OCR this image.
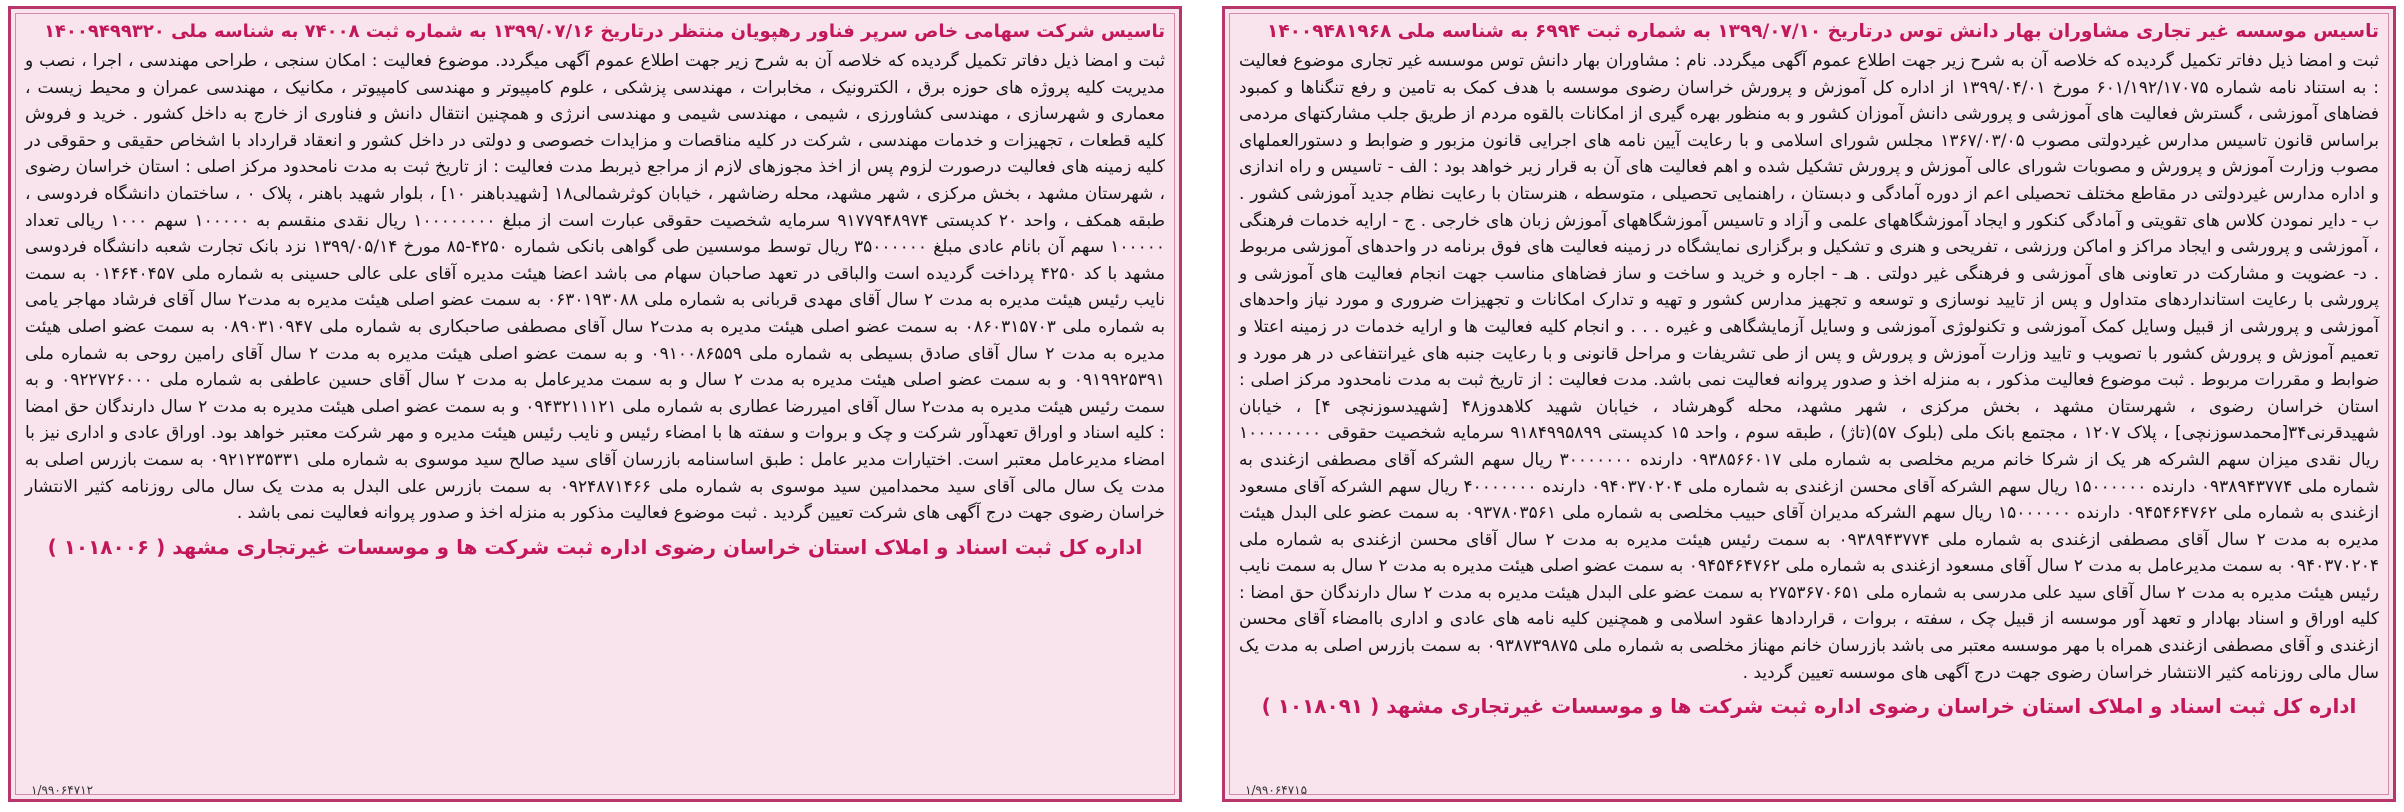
تاسیس موسسه غیر تجاری مشاوران بهار دانش توس درتاریخ ۱۳۹۹/۰۷/۱۰ به شماره ثبت ۶۹۹۴ به شناسه ملی ۱۴۰۰۹۴۸۱۹۶۸

ثبت و امضا ذیل دفاتر تکمیل گردیده که خلاصه آن به شرح زیر جهت اطلاع عموم آگهی میگردد. نام : مشاوران بهار دانش توس موسسه غیر تجاری موضوع فعالیت : به استناد نامه شماره ۶۰۱/۱۹۲/۱۷۰۷۵ مورخ ۱۳۹۹/۰۴/۰۱ از اداره کل آموزش و پرورش خراسان رضوی موسسه با هدف کمک به تامین و رفع تنگناها و کمبود فضاهای آموزشی ، گسترش فعالیت های آموزشی و پرورشی دانش آموزان کشور و به منظور بهره گیری از امکانات بالقوه مردم از طریق جلب مشارکتهای مردمی براساس قانون تاسیس مدارس غیردولتی مصوب ۱۳۶۷/۰۳/۰۵ مجلس شورای اسلامی و با رعایت آیین نامه های اجرایی قانون مزبور و ضوابط و دستورالعملهای مصوب وزارت آموزش و پرورش و مصوبات شورای عالی آموزش و پرورش تشکیل شده و اهم فعالیت های آن به قرار زیر خواهد بود : الف - تاسیس و راه اندازی و اداره مدارس غیردولتی در مقاطع مختلف تحصیلی اعم از دوره آمادگی و دبستان ، راهنمایی تحصیلی ، متوسطه ، هنرستان با رعایت نظام جدید آموزشی کشور . ب - دایر نمودن کلاس های تقویتی و آمادگی کنکور و ایجاد آموزشگاههای علمی و آزاد و تاسیس آموزشگاههای آموزش زبان های خارجی . ج - ارایه خدمات فرهنگی ، آموزشی و پرورشی و ایجاد مراکز و اماکن ورزشی ، تفریحی و هنری و تشکیل و برگزاری نمایشگاه در زمینه فعالیت های فوق برنامه در واحدهای آموزشی مربوط . د- عضویت و مشارکت در تعاونی های آموزشی و فرهنگی غیر دولتی . هـ - اجاره و خرید و ساخت و ساز فضاهای مناسب جهت انجام فعالیت های آموزشی و پرورشی با رعایت استانداردهای متداول و پس از تایید نوسازی و توسعه و تجهیز مدارس کشور و تهیه و تدارک امکانات و تجهیزات ضروری و مورد نیاز واحدهای آموزشی و پرورشی از قبیل وسایل کمک آموزشی و تکنولوژی آموزشی و وسایل آزمایشگاهی و غیره . . . و انجام کلیه فعالیت ها و ارایه خدمات در زمینه اعتلا و تعمیم آموزش و پرورش کشور با تصویب و تایید وزارت آموزش و پرورش و پس از طی تشریفات و مراحل قانونی و با رعایت جنبه های غیرانتفاعی در هر مورد و ضوابط و مقررات مربوط . ثبت موضوع فعالیت مذکور ، به منزله اخذ و صدور پروانه فعالیت نمی باشد. مدت فعالیت : از تاریخ ثبت به مدت نامحدود مرکز اصلی : استان خراسان رضوی ، شهرستان مشهد ، بخش مرکزی ، شهر مشهد، محله گوهرشاد ، خیابان شهید کلاهدوز۴۸ [شهیدسوزنچی ۴] ، خیابان شهیدقرنی۳۴[محمدسوزنچی] ، پلاک ۱۲۰۷ ، مجتمع بانک ملی (بلوک ۵۷)(تاژ) ، طبقه سوم ، واحد ۱۵ کدپستی ۹۱۸۴۹۹۵۸۹۹ سرمایه شخصیت حقوقی ۱۰۰۰۰۰۰۰۰ ریال نقدی میزان سهم الشرکه هر یک از شرکا خانم مریم مخلصی به شماره ملی ۰۹۳۸۵۶۶۰۱۷ دارنده ۳۰۰۰۰۰۰۰ ریال سهم الشرکه آقای مصطفی ازغندی به شماره ملی ۰۹۳۸۹۴۳۷۷۴ دارنده ۱۵۰۰۰۰۰۰ ریال سهم الشرکه آقای محسن ازغندی به شماره ملی ۰۹۴۰۳۷۰۲۰۴ دارنده ۴۰۰۰۰۰۰۰ ریال سهم الشرکه آقای مسعود ازغندی به شماره ملی ۰۹۴۵۴۶۴۷۶۲ دارنده ۱۵۰۰۰۰۰۰ ریال سهم الشرکه مدیران آقای حبیب مخلصی به شماره ملی ۰۹۳۷۸۰۳۵۶۱ به سمت عضو علی البدل هیئت مدیره به مدت ۲ سال آقای مصطفی ازغندی به شماره ملی ۰۹۳۸۹۴۳۷۷۴ به سمت رئیس هیئت مدیره به مدت ۲ سال آقای محسن ازغندی به شماره ملی ۰۹۴۰۳۷۰۲۰۴ به سمت مدیرعامل به مدت ۲ سال آقای مسعود ازغندی به شماره ملی ۰۹۴۵۴۶۴۷۶۲ به سمت عضو اصلی هیئت مدیره به مدت ۲ سال به سمت نایب رئیس هیئت مدیره به مدت ۲ سال آقای سید علی مدرسی به شماره ملی ۲۷۵۳۶۷۰۶۵۱ به سمت عضو علی البدل هیئت مدیره به مدت ۲ سال دارندگان حق امضا : کلیه اوراق و اسناد بهادار و تعهد آور موسسه از قبیل چک ، سفته ، بروات ، قراردادها عقود اسلامی و همچنین کلیه نامه های عادی و اداری باامضاء آقای محسن ازغندی و آقای مصطفی ازغندی همراه با مهر موسسه معتبر می باشد بازرسان خانم مهناز مخلصی به شماره ملی ۰۹۳۸۷۳۹۸۷۵ به سمت بازرس اصلی به مدت یک سال مالی روزنامه کثیر الانتشار خراسان رضوی جهت درج آگهی های موسسه تعیین گردید .

اداره کل ثبت اسناد و املاک استان خراسان رضوی اداره ثبت شرکت ها و موسسات غیرتجاری مشهد ( ۱۰۱۸۰۹۱ )
۱/۹۹۰۶۴۷۱۵
تاسیس شرکت سهامی خاص سرپر فناور رهپویان منتظر درتاریخ ۱۳۹۹/۰۷/۱۶ به شماره ثبت ۷۴۰۰۸ به شناسه ملی ۱۴۰۰۹۴۹۹۳۲۰

ثبت و امضا ذیل دفاتر تکمیل گردیده که خلاصه آن به شرح زیر جهت اطلاع عموم آگهی میگردد. موضوع فعالیت : امکان سنجی ، طراحی مهندسی ، اجرا ، نصب و مدیریت کلیه پروژه های حوزه برق ، الکترونیک ، مخابرات ، مهندسی پزشکی ، علوم کامپیوتر و مهندسی کامپیوتر ، مکانیک ، مهندسی عمران و محیط زیست ، معماری و شهرسازی ، مهندسی کشاورزی ، شیمی ، مهندسی شیمی و مهندسی انرژی و همچنین انتقال دانش و فناوری از خارج به داخل کشور . خرید و فروش کلیه قطعات ، تجهیزات و خدمات مهندسی ، شرکت در کلیه مناقصات و مزایدات خصوصی و دولتی در داخل کشور و انعقاد قرارداد با اشخاص حقیقی و حقوقی در کلیه زمینه های فعالیت درصورت لزوم پس از اخذ مجوزهای لازم از مراجع ذیربط مدت فعالیت : از تاریخ ثبت به مدت نامحدود مرکز اصلی : استان خراسان رضوی ، شهرستان مشهد ، بخش مرکزی ، شهر مشهد، محله رضاشهر ، خیابان کوثرشمالی۱۸ [شهیدباهنر ۱۰] ، بلوار شهید باهنر ، پلاک ۰ ، ساختمان دانشگاه فردوسی ، طبقه همکف ، واحد ۲۰ کدپستی ۹۱۷۷۹۴۸۹۷۴ سرمایه شخصیت حقوقی عبارت است از مبلغ ۱۰۰۰۰۰۰۰۰ ریال نقدی منقسم به ۱۰۰۰۰۰ سهم ۱۰۰۰ ریالی تعداد ۱۰۰۰۰۰ سهم آن بانام عادی مبلغ ۳۵۰۰۰۰۰۰ ریال توسط موسسین طی گواهی بانکی شماره ۴۲۵۰-۸۵ مورخ ۱۳۹۹/۰۵/۱۴ نزد بانک تجارت شعبه دانشگاه فردوسی مشهد با کد ۴۲۵۰ پرداخت گردیده است والباقی در تعهد صاحبان سهام می باشد اعضا هیئت مدیره آقای علی عالی حسینی به شماره ملی ۰۱۴۶۴۰۴۵۷ به سمت نایب رئیس هیئت مدیره به مدت ۲ سال آقای مهدی قربانی به شماره ملی ۰۶۳۰۱۹۳۰۸۸ به سمت عضو اصلی هیئت مدیره به مدت۲ سال آقای فرشاد مهاجر یامی به شماره ملی ۰۸۶۰۳۱۵۷۰۳ به سمت عضو اصلی هیئت مدیره به مدت۲ سال آقای مصطفی صاحبکاری به شماره ملی ۰۸۹۰۳۱۰۹۴۷ به سمت عضو اصلی هیئت مدیره به مدت ۲ سال آقای صادق بسیطی به شماره ملی ۰۹۱۰۰۸۶۵۵۹ و به سمت عضو اصلی هیئت مدیره به مدت ۲ سال آقای رامین روحی به شماره ملی ۰۹۱۹۹۲۵۳۹۱ و به سمت عضو اصلی هیئت مدیره به مدت ۲ سال و به سمت مدیرعامل به مدت ۲ سال آقای حسین عاطفی به شماره ملی ۰۹۲۲۷۲۶۰۰۰ و به سمت رئیس هیئت مدیره به مدت۲ سال آقای امیررضا عطاری به شماره ملی ۰۹۴۳۲۱۱۱۲۱ و به سمت عضو اصلی هیئت مدیره به مدت ۲ سال دارندگان حق امضا : کلیه اسناد و اوراق تعهدآور شرکت و چک و بروات و سفته ها با امضاء رئیس و نایب رئیس هیئت مدیره و مهر شرکت معتبر خواهد بود. اوراق عادی و اداری نیز با امضاء مدیرعامل معتبر است. اختیارات مدیر عامل : طبق اساسنامه بازرسان آقای سید صالح سید موسوی به شماره ملی ۰۹۲۱۲۳۵۳۳۱ به سمت بازرس اصلی به مدت یک سال مالی آقای سید محمدامین سید موسوی به شماره ملی ۰۹۲۴۸۷۱۴۶۶ به سمت بازرس علی البدل به مدت یک سال مالی روزنامه کثیر الانتشار خراسان رضوی جهت درج آگهی های شرکت تعیین گردید . ثبت موضوع فعالیت مذکور به منزله اخذ و صدور پروانه فعالیت نمی باشد .

اداره کل ثبت اسناد و املاک استان خراسان رضوی اداره ثبت شرکت ها و موسسات غیرتجاری مشهد ( ۱۰۱۸۰۰۶ )
۱/۹۹۰۶۴۷۱۲
